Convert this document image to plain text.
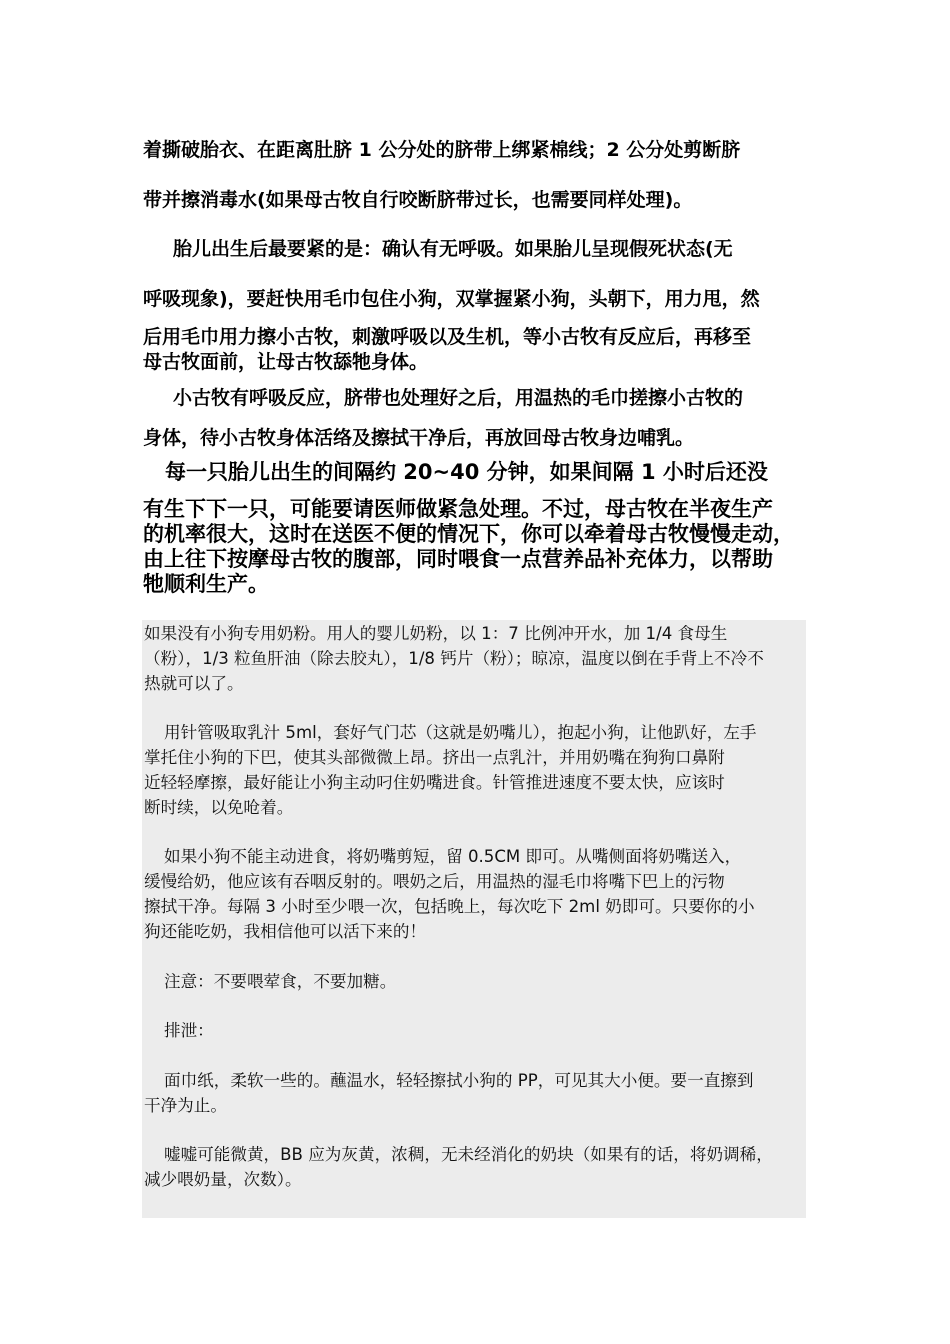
着撕破胎衣、在距离肚脐 1 公分处的脐带上绑紧棉线；2 公分处剪断脐
带并擦消毒水(如果母古牧自行咬断脐带过长，也需要同样处理)。
胎儿出生后最要紧的是：确认有无呼吸。如果胎儿呈现假死状态(无
呼吸现象)，要赶快用毛巾包住小狗，双掌握紧小狗，头朝下，用力甩，然
后用毛巾用力擦小古牧，刺激呼吸以及生机，等小古牧有反应后，再移至
母古牧面前，让母古牧舔牠身体。
小古牧有呼吸反应，脐带也处理好之后，用温热的毛巾搓擦小古牧的
身体，待小古牧身体活络及擦拭干净后，再放回母古牧身边哺乳。
每一只胎儿出生的间隔约 20~40 分钟，如果间隔 1 小时后还没
有生下下一只，可能要请医师做紧急处理。不过，母古牧在半夜生产
的机率很大，这时在送医不便的情况下，你可以牵着母古牧慢慢走动，
由上往下按摩母古牧的腹部，同时喂食一点营养品补充体力，以帮助
牠顺利生产。
如果没有小狗专用奶粉。用人的婴儿奶粉，以 1：7 比例冲开水，加 1/4 食母生
（粉），1/3 粒鱼肝油（除去胶丸），1/8 钙片（粉）；晾凉，温度以倒在手背上不冷不
热就可以了。
用针管吸取乳汁 5ml，套好气门芯（这就是奶嘴儿），抱起小狗，让他趴好，左手
掌托住小狗的下巴，使其头部微微上昂。挤出一点乳汁，并用奶嘴在狗狗口鼻附
近轻轻摩擦，最好能让小狗主动叼住奶嘴进食。针管推进速度不要太快，应该时
断时续，以免呛着。
如果小狗不能主动进食，将奶嘴剪短，留 0.5CM 即可。从嘴侧面将奶嘴送入，
缓慢给奶，他应该有吞咽反射的。喂奶之后，用温热的湿毛巾将嘴下巴上的污物
擦拭干净。每隔 3 小时至少喂一次，包括晚上，每次吃下 2ml 奶即可。只要你的小
狗还能吃奶，我相信他可以活下来的！
注意：不要喂荤食，不要加糖。
排泄：
面巾纸，柔软一些的。蘸温水，轻轻擦拭小狗的 PP，可见其大小便。要一直擦到
干净为止。
嘘嘘可能微黄，BB 应为灰黄，浓稠，无未经消化的奶块（如果有的话，将奶调稀，
减少喂奶量，次数）。
